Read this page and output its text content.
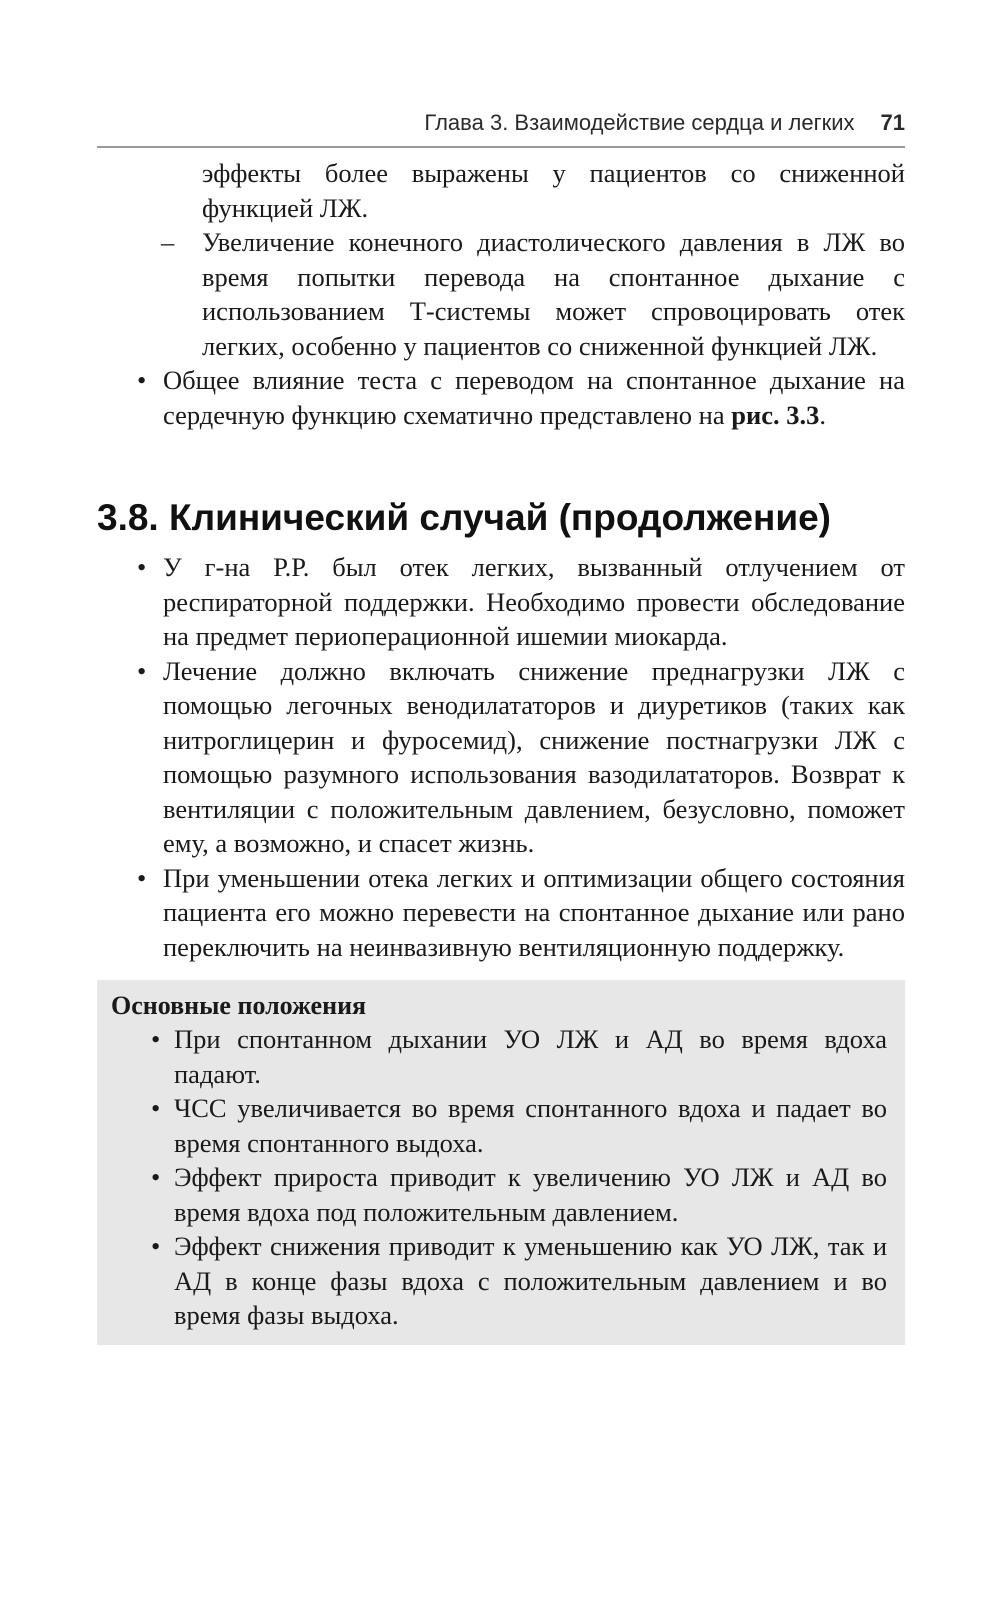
Глава 3. Взаимодействие сердца и легких 71
эффекты более выражены у пациентов со сниженной функцией ЛЖ.
– Увеличение конечного диастолического давления в ЛЖ во время попытки перевода на спонтанное дыхание с использованием Т-системы может спровоцировать отек легких, особенно у пациентов со сниженной функцией ЛЖ.
• Общее влияние теста с переводом на спонтанное дыхание на сердечную функцию схематично представлено на рис. 3.3.
3.8. Клинический случай (продолжение)
• У г-на Р.Р. был отек легких, вызванный отлучением от респираторной поддержки. Необходимо провести обследование на предмет периоперационной ишемии миокарда.
• Лечение должно включать снижение преднагрузки ЛЖ с помощью легочных венодилататоров и диуретиков (таких как нитроглицерин и фуросемид), снижение постнагрузки ЛЖ с помощью разумного использования вазодилататоров. Возврат к вентиляции с положительным давлением, безусловно, поможет ему, а возможно, и спасет жизнь.
• При уменьшении отека легких и оптимизации общего состояния пациента его можно перевести на спонтанное дыхание или рано переключить на неинвазивную вентиляционную поддержку.
Основные положения
• При спонтанном дыхании УО ЛЖ и АД во время вдоха падают.
• ЧСС увеличивается во время спонтанного вдоха и падает во время спонтанного выдоха.
• Эффект прироста приводит к увеличению УО ЛЖ и АД во время вдоха под положительным давлением.
• Эффект снижения приводит к уменьшению как УО ЛЖ, так и АД в конце фазы вдоха с положительным давлением и во время фазы выдоха.
